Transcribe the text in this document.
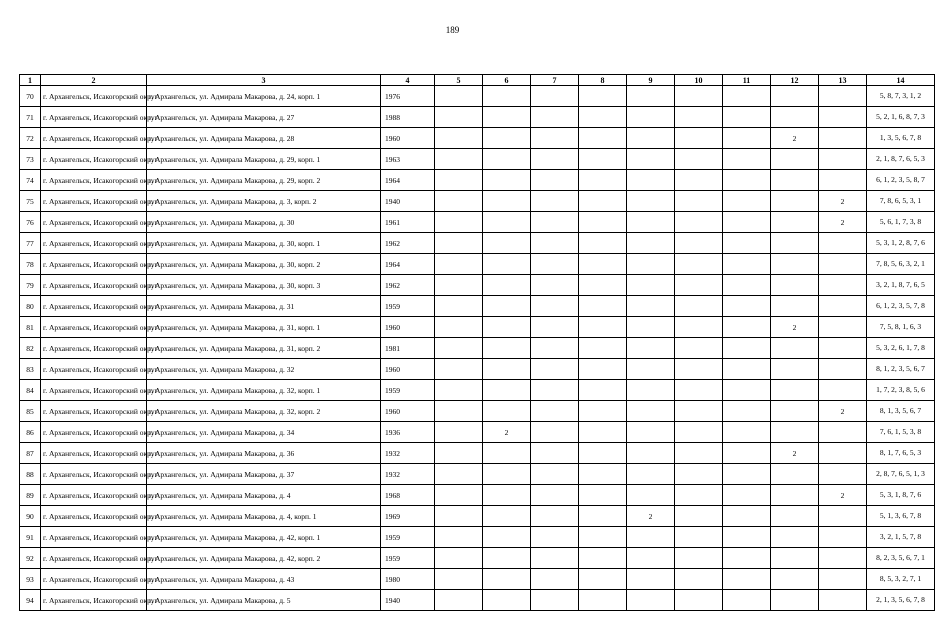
189
1	2	3	4	5	6	7	8	9	10	11	12	13	14
70	г. Архангельск, Исакогорский округ	г. Архангельск, ул. Адмирала Макарова, д. 24, корп. 1	1976										5, 8, 7, 3, 1, 2
71	г. Архангельск, Исакогорский округ	г. Архангельск, ул. Адмирала Макарова, д. 27	1988										5, 2, 1, 6, 8, 7, 3
72	г. Архангельск, Исакогорский округ	г. Архангельск, ул. Адмирала Макарова, д. 28	1960								2		1, 3, 5, 6, 7, 8
73	г. Архангельск, Исакогорский округ	г. Архангельск, ул. Адмирала Макарова, д. 29, корп. 1	1963										2, 1, 8, 7, 6, 5, 3
74	г. Архангельск, Исакогорский округ	г. Архангельск, ул. Адмирала Макарова, д. 29, корп. 2	1964										6, 1, 2, 3, 5, 8, 7
75	г. Архангельск, Исакогорский округ	г. Архангельск, ул. Адмирала Макарова, д. 3, корп. 2	1940									2	7, 8, 6, 5, 3, 1
76	г. Архангельск, Исакогорский округ	г. Архангельск, ул. Адмирала Макарова, д. 30	1961									2	5, 6, 1, 7, 3, 8
77	г. Архангельск, Исакогорский округ	г. Архангельск, ул. Адмирала Макарова, д. 30, корп. 1	1962										5, 3, 1, 2, 8, 7, 6
78	г. Архангельск, Исакогорский округ	г. Архангельск, ул. Адмирала Макарова, д. 30, корп. 2	1964										7, 8, 5, 6, 3, 2, 1
79	г. Архангельск, Исакогорский округ	г. Архангельск, ул. Адмирала Макарова, д. 30, корп. 3	1962										3, 2, 1, 8, 7, 6, 5
80	г. Архангельск, Исакогорский округ	г. Архангельск, ул. Адмирала Макарова, д. 31	1959										6, 1, 2, 3, 5, 7, 8
81	г. Архангельск, Исакогорский округ	г. Архангельск, ул. Адмирала Макарова, д. 31, корп. 1	1960								2		7, 5, 8, 1, 6, 3
82	г. Архангельск, Исакогорский округ	г. Архангельск, ул. Адмирала Макарова, д. 31, корп. 2	1981										5, 3, 2, 6, 1, 7, 8
83	г. Архангельск, Исакогорский округ	г. Архангельск, ул. Адмирала Макарова, д. 32	1960										8, 1, 2, 3, 5, 6, 7
84	г. Архангельск, Исакогорский округ	г. Архангельск, ул. Адмирала Макарова, д. 32, корп. 1	1959										1, 7, 2, 3, 8, 5, 6
85	г. Архангельск, Исакогорский округ	г. Архангельск, ул. Адмирала Макарова, д. 32, корп. 2	1960									2	8, 1, 3, 5, 6, 7
86	г. Архангельск, Исакогорский округ	г. Архангельск, ул. Адмирала Макарова, д. 34	1936		2								7, 6, 1, 5, 3, 8
87	г. Архангельск, Исакогорский округ	г. Архангельск, ул. Адмирала Макарова, д. 36	1932								2		8, 1, 7, 6, 5, 3
88	г. Архангельск, Исакогорский округ	г. Архангельск, ул. Адмирала Макарова, д. 37	1932										2, 8, 7, 6, 5, 1, 3
89	г. Архангельск, Исакогорский округ	г. Архангельск, ул. Адмирала Макарова, д. 4	1968									2	5, 3, 1, 8, 7, 6
90	г. Архангельск, Исакогорский округ	г. Архангельск, ул. Адмирала Макарова, д. 4, корп. 1	1969					2					5, 1, 3, 6, 7, 8
91	г. Архангельск, Исакогорский округ	г. Архангельск, ул. Адмирала Макарова, д. 42, корп. 1	1959										3, 2, 1, 5, 7, 8
92	г. Архангельск, Исакогорский округ	г. Архангельск, ул. Адмирала Макарова, д. 42, корп. 2	1959										8, 2, 3, 5, 6, 7, 1
93	г. Архангельск, Исакогорский округ	г. Архангельск, ул. Адмирала Макарова, д. 43	1980										8, 5, 3, 2, 7, 1
94	г. Архангельск, Исакогорский округ	г. Архангельск, ул. Адмирала Макарова, д. 5	1940										2, 1, 3, 5, 6, 7, 8
